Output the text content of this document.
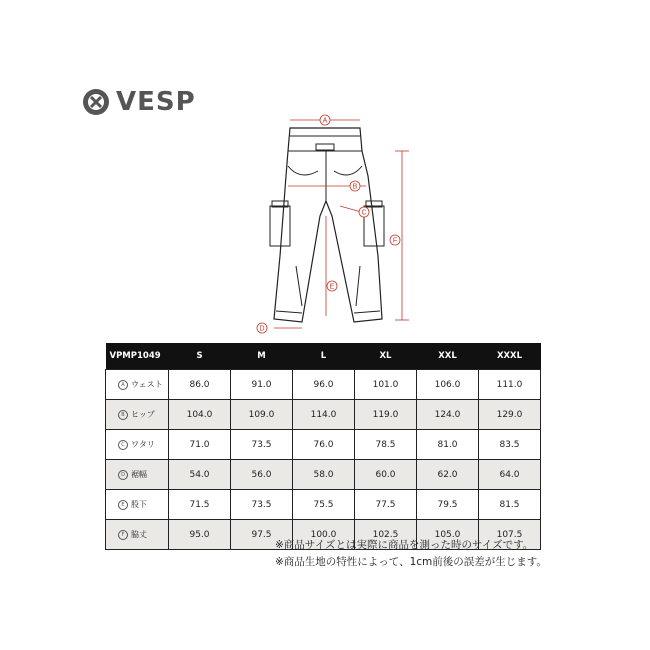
VESP
A
B
C
D
E
F
VPMP1049	S	M	L	XL	XXL	XXXL
A ウェスト	86.0	91.0	96.0	101.0	106.0	111.0
B ヒップ	104.0	109.0	114.0	119.0	124.0	129.0
C ワタリ	71.0	73.5	76.0	78.5	81.0	83.5
D 裾幅	54.0	56.0	58.0	60.0	62.0	64.0
E 股下	71.5	73.5	75.5	77.5	79.5	81.5
F 脇丈	95.0	97.5	100.0	102.5	105.0	107.5
※商品サイズとは実際に商品を測った時のサイズです。
※商品生地の特性によって、1cm前後の誤差が生じます。
